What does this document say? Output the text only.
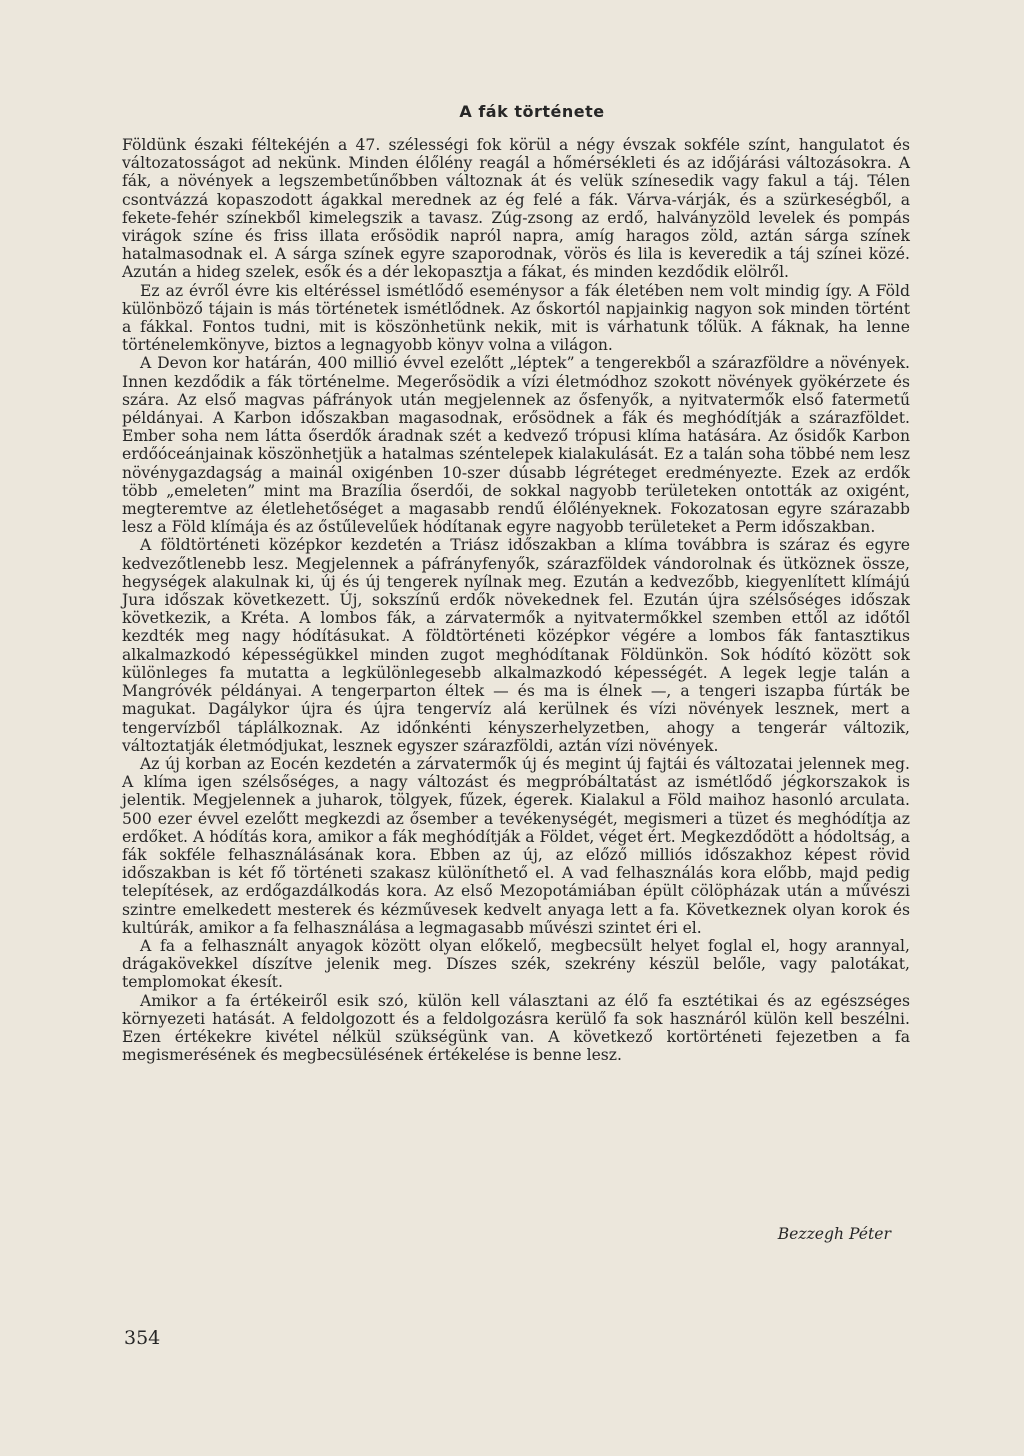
A fák története

Földünk északi féltekéjén a 47. szélességi fok körül a négy évszak sokféle színt, hangulatot és változatosságot ad nekünk. Minden élőlény reagál a hőmérsékleti és az időjárási változásokra. A fák, a növények a legszembetűnőbben változnak át és velük színesedik vagy fakul a táj. Télen csontvázzá kopaszodott ágakkal merednek az ég felé a fák. Várva-várják, és a szürkeségből, a fekete-fehér színekből kimelegszik a tavasz. Zúg-zsong az erdő, halványzöld levelek és pompás virágok színe és friss illata erősödik napról napra, amíg haragos zöld, aztán sárga színek hatalmasodnak el. A sárga színek egyre szaporodnak, vörös és lila is keveredik a táj színei közé. Azután a hideg szelek, esők és a dér lekopasztja a fákat, és minden kezdődik elölről.

Ez az évről évre kis eltéréssel ismétlődő eseménysor a fák életében nem volt mindig így. A Föld különböző tájain is más történetek ismétlődnek. Az őskortól napjainkig nagyon sok minden történt a fákkal. Fontos tudni, mit is köszönhetünk nekik, mit is várhatunk tőlük. A fáknak, ha lenne történelemkönyve, biztos a legnagyobb könyv volna a világon.

A Devon kor határán, 400 millió évvel ezelőtt „léptek” a tengerekből a szárazföldre a növények. Innen kezdődik a fák történelme. Megerősödik a vízi életmódhoz szokott növények gyökérzete és szára. Az első magvas páfrányok után megjelennek az ősfenyők, a nyitvatermők első fatermetű példányai. A Karbon időszakban magasodnak, erősödnek a fák és meghódítják a szárazföldet. Ember soha nem látta őserdők áradnak szét a kedvező trópusi klíma hatására. Az ősidők Karbon erdőóceánjainak köszönhetjük a hatalmas széntelepek kialakulását. Ez a talán soha többé nem lesz növénygazdagság a mainál oxigénben 10-szer dúsabb légréteget eredményezte. Ezek az erdők több „emeleten” mint ma Brazília őserdői, de sokkal nagyobb területeken ontották az oxigént, megteremtve az életlehetőséget a magasabb rendű élőlényeknek. Fokozatosan egyre szárazabb lesz a Föld klímája és az őstűlevelűek hódítanak egyre nagyobb területeket a Perm időszakban.

A földtörténeti középkor kezdetén a Triász időszakban a klíma továbbra is száraz és egyre kedvezőtlenebb lesz. Megjelennek a páfrányfenyők, szárazföldek vándorolnak és ütköznek össze, hegységek alakulnak ki, új és új tengerek nyílnak meg. Ezután a kedvezőbb, kiegyenlített klímájú Jura időszak következett. Új, sokszínű erdők növekednek fel. Ezután újra szélsőséges időszak következik, a Kréta. A lombos fák, a zárvatermők a nyitvatermőkkel szemben ettől az időtől kezdték meg nagy hódításukat. A földtörténeti középkor végére a lombos fák fantasztikus alkalmazkodó képességükkel minden zugot meghódítanak Földünkön. Sok hódító között sok különleges fa mutatta a legkülönlegesebb alkalmazkodó képességét. A legek legje talán a Mangróvék példányai. A tengerparton éltek — és ma is élnek —, a tengeri iszapba fúrták be magukat. Dagálykor újra és újra tengervíz alá kerülnek és vízi növények lesznek, mert a tengervízből táplálkoznak. Az időnkénti kényszerhelyzetben, ahogy a tengerár változik, változtatják életmódjukat, lesznek egyszer szárazföldi, aztán vízi növények.

Az új korban az Eocén kezdetén a zárvatermők új és megint új fajtái és változatai jelennek meg. A klíma igen szélsőséges, a nagy változást és megpróbáltatást az ismétlődő jégkorszakok is jelentik. Megjelennek a juharok, tölgyek, fűzek, égerek. Kialakul a Föld maihoz hasonló arculata. 500 ezer évvel ezelőtt megkezdi az ősember a tevékenységét, megismeri a tüzet és meghódítja az erdőket. A hódítás kora, amikor a fák meghódítják a Földet, véget ért. Megkezdődött a hódoltság, a fák sokféle felhasználásának kora. Ebben az új, az előző milliós időszakhoz képest rövid időszakban is két fő történeti szakasz különíthető el. A vad felhasználás kora előbb, majd pedig telepítések, az erdőgazdálkodás kora. Az első Mezopotámiában épült cölöpházak után a művészi szintre emelkedett mesterek és kézművesek kedvelt anyaga lett a fa. Következnek olyan korok és kultúrák, amikor a fa felhasználása a legmagasabb művészi szintet éri el.

A fa a felhasznált anyagok között olyan előkelő, megbecsült helyet foglal el, hogy arannyal, drágakövekkel díszítve jelenik meg. Díszes szék, szekrény készül belőle, vagy palotákat, templomokat ékesít.

Amikor a fa értékeiről esik szó, külön kell választani az élő fa esztétikai és az egészséges környezeti hatását. A feldolgozott és a feldolgozásra kerülő fa sok hasznáról külön kell beszélni. Ezen értékekre kivétel nélkül szükségünk van. A következő kortörténeti fejezetben a fa megismerésének és megbecsülésének értékelése is benne lesz.

Bezzegh Péter

354
